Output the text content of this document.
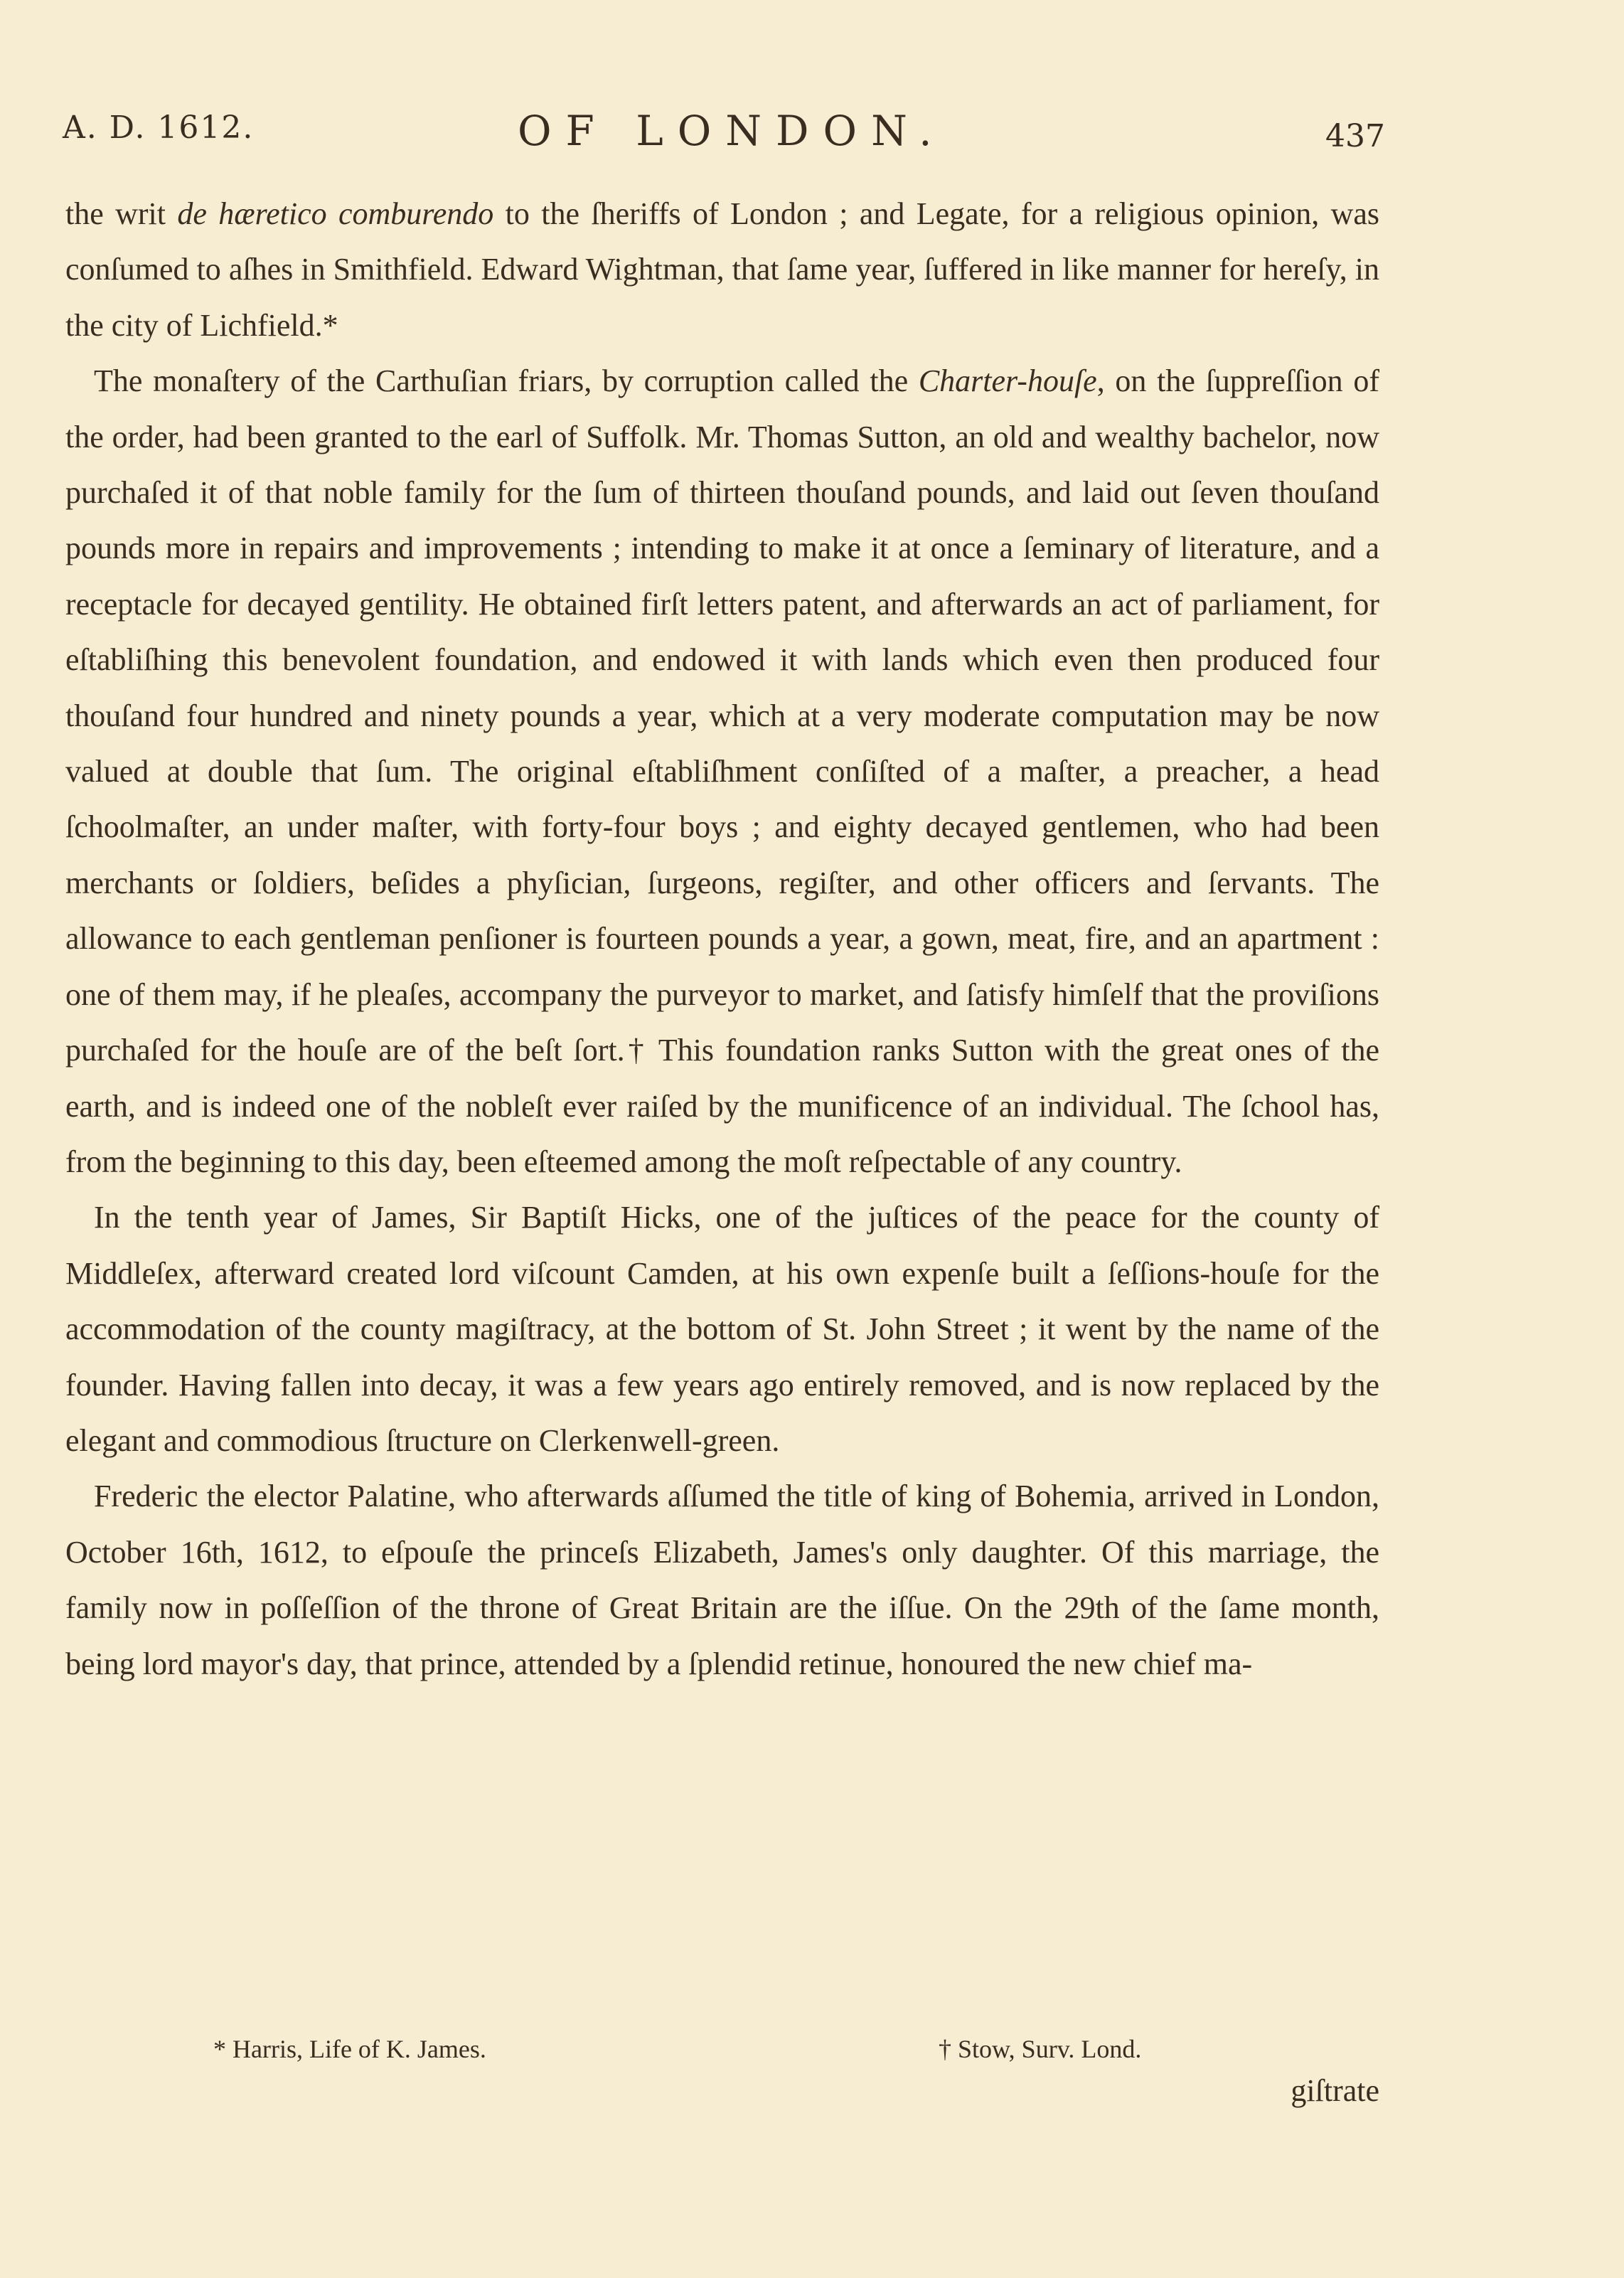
A. D. 1612.	OF LONDON.	437

the writ de hæretico comburendo to the ſheriffs of London ; and Legate, for a religious opinion, was conſumed to aſhes in Smithfield. Edward Wightman, that ſame year, ſuffered in like manner for hereſy, in the city of Lichfield.*

The monaſtery of the Carthuſian friars, by corruption called the Charter-houſe, on the ſuppreſſion of the order, had been granted to the earl of Suffolk. Mr. Thomas Sutton, an old and wealthy bachelor, now purchaſed it of that noble family for the ſum of thirteen thouſand pounds, and laid out ſeven thouſand pounds more in repairs and improvements ; intending to make it at once a ſeminary of literature, and a receptacle for decayed gentility. He obtained firſt letters patent, and afterwards an act of parliament, for eſtabliſhing this benevolent foundation, and endowed it with lands which even then produced four thouſand four hundred and ninety pounds a year, which at a very moderate computation may be now valued at double that ſum. The original eſtabliſhment conſiſted of a maſter, a preacher, a head ſchoolmaſter, an under maſter, with forty-four boys ; and eighty decayed gentlemen, who had been merchants or ſoldiers, beſides a phyſician, ſurgeons, regiſter, and other officers and ſervants. The allowance to each gentleman penſioner is fourteen pounds a year, a gown, meat, fire, and an apartment : one of them may, if he pleaſes, accompany the purveyor to market, and ſatisfy himſelf that the proviſions purchaſed for the houſe are of the beſt ſort.† This foundation ranks Sutton with the great ones of the earth, and is indeed one of the nobleſt ever raiſed by the munificence of an individual. The ſchool has, from the beginning to this day, been eſteemed among the moſt reſpectable of any country.

In the tenth year of James, Sir Baptiſt Hicks, one of the juſtices of the peace for the county of Middleſex, afterward created lord viſcount Camden, at his own expenſe built a ſeſſions-houſe for the accommodation of the county magiſtracy, at the bottom of St. John Street ; it went by the name of the founder. Having fallen into decay, it was a few years ago entirely removed, and is now replaced by the elegant and commodious ſtructure on Clerkenwell-green.

Frederic the elector Palatine, who afterwards aſſumed the title of king of Bohemia, arrived in London, October 16th, 1612, to eſpouſe the princeſs Elizabeth, James's only daughter. Of this marriage, the family now in poſſeſſion of the throne of Great Britain are the iſſue. On the 29th of the ſame month, being lord mayor's day, that prince, attended by a ſplendid retinue, honoured the new chief ma-

* Harris, Life of K. James.	† Stow, Surv. Lond.
giſtrate
